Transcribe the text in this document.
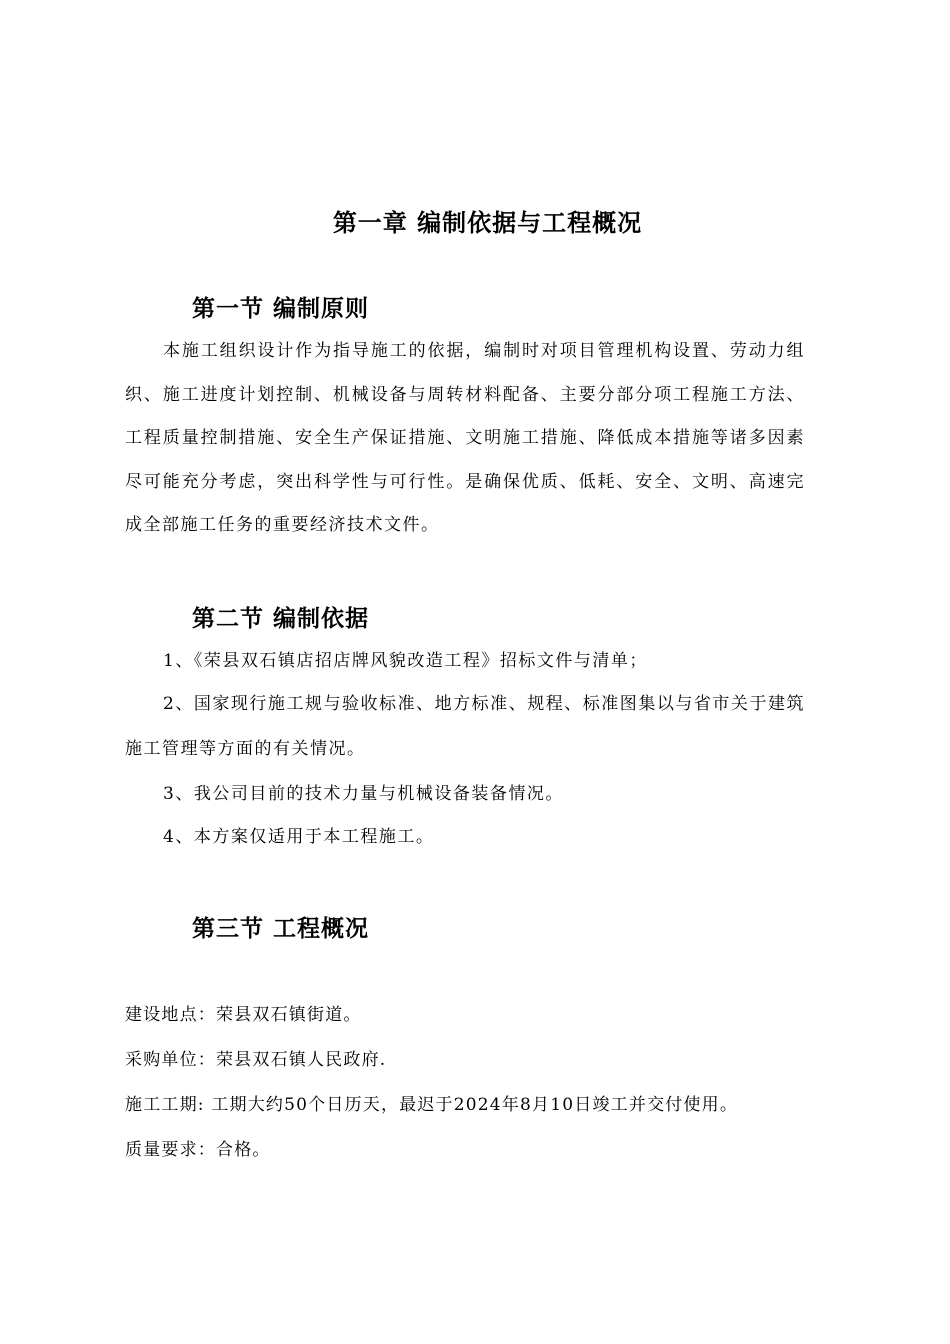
第一章 编制依据与工程概况
第一节 编制原则
本施工组织设计作为指导施工的依据，编制时对项目管理机构设置、劳动力组织、施工进度计划控制、机械设备与周转材料配备、主要分部分项工程施工方法、工程质量控制措施、安全生产保证措施、文明施工措施、降低成本措施等诸多因素尽可能充分考虑，突出科学性与可行性。是确保优质、低耗、安全、文明、高速完成全部施工任务的重要经济技术文件。
第二节 编制依据
1、《荣县双石镇店招店牌风貌改造工程》招标文件与清单；
2、国家现行施工规与验收标准、地方标准、规程、标准图集以与省市关于建筑施工管理等方面的有关情况。
3、我公司目前的技术力量与机械设备装备情况。
4、本方案仅适用于本工程施工。
第三节 工程概况
建设地点：荣县双石镇街道。
采购单位：荣县双石镇人民政府.
施工工期: 工期大约50个日历天，最迟于2024年8月10日竣工并交付使用。
质量要求：合格。
